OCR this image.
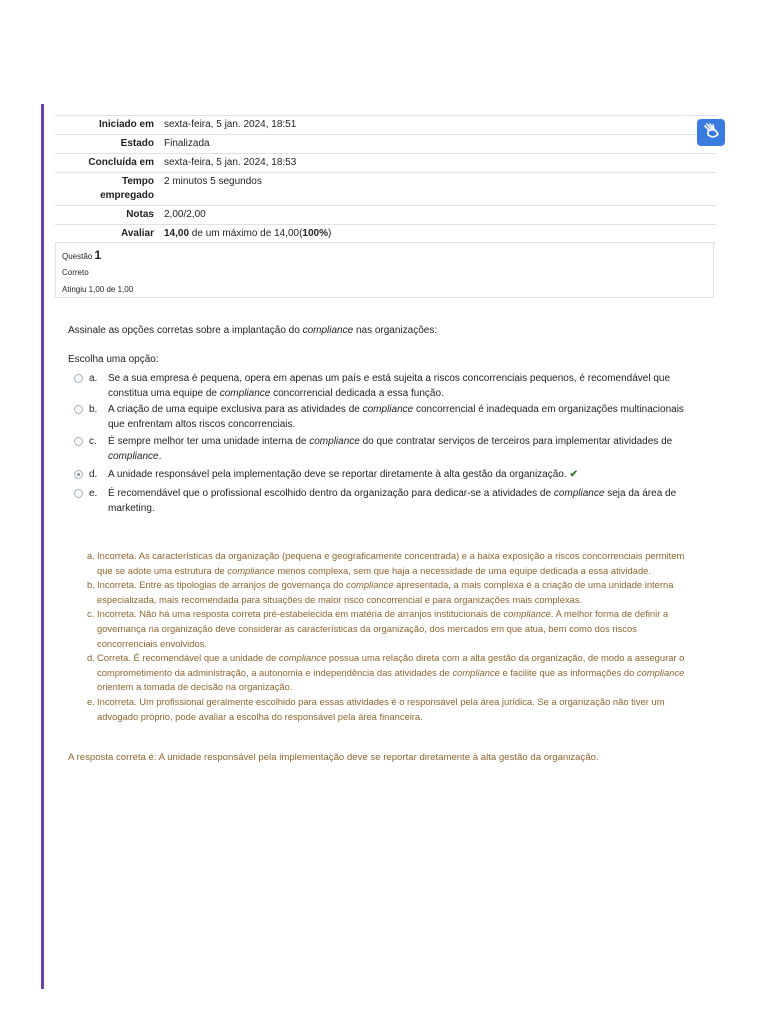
Iniciado em	sexta-feira, 5 jan. 2024, 18:51
Estado	Finalizada
Concluída em	sexta-feira, 5 jan. 2024, 18:53
Tempo
empregado	2 minutos 5 segundos
Notas	2,00/2,00
Avaliar	14,00 de um máximo de 14,00(100%)
Questão 1
Correto
Atingiu 1,00 de 1,00
Assinale as opções corretas sobre a implantação do compliance nas organizações:
Escolha uma opção:
a. Se a sua empresa é pequena, opera em apenas um país e está sujeita a riscos concorrenciais pequenos, é recomendável que constitua uma equipe de compliance concorrencial dedicada a essa função.
b. A criação de uma equipe exclusiva para as atividades de compliance concorrencial é inadequada em organizações multinacionais que enfrentam altos riscos concorrenciais.
c. É sempre melhor ter uma unidade interna de compliance do que contratar serviços de terceiros para implementar atividades de compliance.
d. A unidade responsável pela implementação deve se reportar diretamente à alta gestão da organização. ✔
e. É recomendável que o profissional escolhido dentro da organização para dedicar-se a atividades de compliance seja da área de marketing.

a. Incorreta. As características da organização (pequena e geograficamente concentrada) e a baixa exposição a riscos concorrenciais permitem que se adote uma estrutura de compliance menos complexa, sem que haja a necessidade de uma equipe dedicada a essa atividade.

b. Incorreta. Entre as tipologias de arranjos de governança do compliance apresentada, a mais complexa é a criação de uma unidade interna especializada, mais recomendada para situações de maior risco concorrencial e para organizações mais complexas.

c. Incorreta. Não há uma resposta correta pré-estabelecida em matéria de arranjos institucionais de compliance. A melhor forma de definir a governança na organização deve considerar as características da organização, dos mercados em que atua, bem como dos riscos concorrenciais envolvidos.

d. Correta. É recomendável que a unidade de compliance possua uma relação direta com a alta gestão da organização, de modo a assegurar o comprometimento da administração, a autonomia e independência das atividades de compliance e facilite que as informações do compliance orientem a tomada de decisão na organização.

e. Incorreta. Um profissional geralmente escolhido para essas atividades é o responsável pela área jurídica. Se a organização não tiver um advogado próprio, pode avaliar a escolha do responsável pela área financeira.

A resposta correta é: A unidade responsável pela implementação deve se reportar diretamente à alta gestão da organização.
